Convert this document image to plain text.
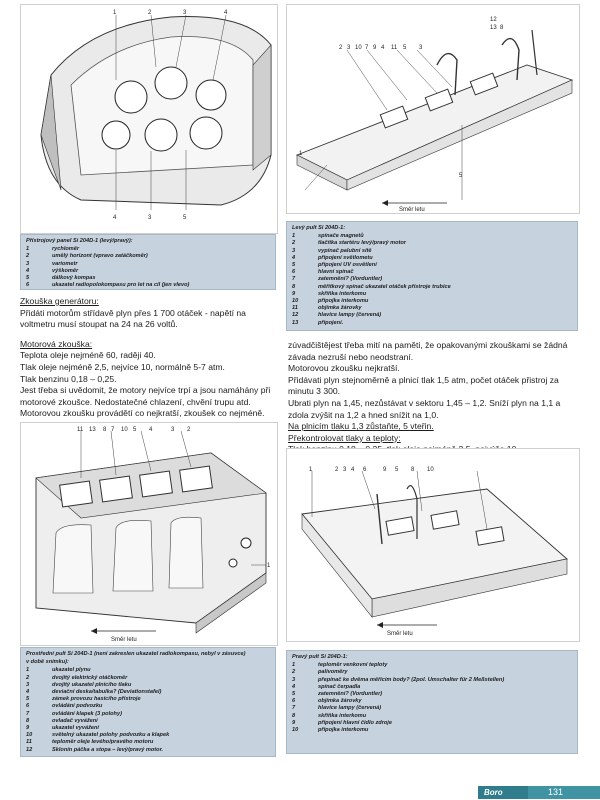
1	2	3	4
4	3	5
Přístrojový panel Si 204D-1 (levý/pravý):
1	rychloměr
2	umělý horizont (vpravo zatáčkoměr)
3	variometr
4	výškoměr
5	dálkový kompas
6	ukazatel radiopolokompasu pro let na cíl (jen vlevo)
2 3 10 7 9 4 11 5 3
12
13 8
1
5
Směr letu
Levý pult Si 204D-1:
1	spínače magnetů
2	tlačítka startéru levý/pravý motor
3	vypínač palubní sítě
4	připojení světlometu
5	připojení UV osvětlení
6	hlavní spínač
7	zatemnění? (Vorduntler)
8	měřítkový spínač ukazatel otáček přístroje trubice
9	skříňka interkomu
10	připojka interkomu
11	objímka žárovky
12	hlavice lampy (červená)
13	připojení.

Zkouška generátoru:

Přidáti motorům střídavě plyn přes 1 700 otáček - napětí na voltmetru musí stoupat na 24 na 26 voltů.

Motorová zkouška:

Teplota oleje nejméně 60, raději 40.

Tlak oleje nejméně 2,5, nejvíce 10, normálně 5-7 atm.

Tlak benzinu 0,18 – 0,25.

Jest třeba si uvědomit, že motory nejvíce trpí a jsou namáhány při motorové zkoušce. Nedostatečné chlazení, chvění trupu atd. Motorovou zkoušku provádětí co nejkratší, zkoušek co nejméně.

zúvadčištějest třeba mití na paměti, že opakovanými zkouškami se žádná závada nezruší nebo neodstraní.

Motorovou zkoušku nejkratší.

Přidávati plyn stejnoměrně a plnicí tlak 1,5 atm, počet otáček přistroj za minutu 3 300.

Ubrati plyn na 1,45, nezůstávat v sektoru 1,45 – 1,2. Sníží plyn na 1,1 a zdola zvýšit na 1,2 a hned snížit na 1,0.

Na plnicím tlaku 1,3 zůstaňte, 5 vteřin.

Překontrolovat tlaky a teploty:

11 13 8 7 10 5 4	3 2
1
Směr letu
Prostřední pult Si 204D-1 (není zakreslen ukazatel radiokompasu, nebyl v zásuvce)
v době snímku):
1	ukazatel plynu
2	dvojitý elektrický otáčkoměr
3	dvojitý ukazatel plnicího tlaku
4	deviační deska/tabulka? (Deviationstafel)
5	zámek provozu hasicího přístroje
6	ovládání podvozku
7	ovládání klapek (3 polohy)
8	ovladač vyvážení
9	ukazatel vyvážení
10	světelný ukazatel polohy podvozku a klapek
11	teploměr oleje levého/pravého motoru
12	Sklonín páčka a stopa – levý/pravý motor.
1	2 3 4 6	9 5 8 10
Směr letu
Pravý pult Si 204D-1:
1	teploměr venkovní teploty
2	palivoměry
3	přepínač ke dvěma měřícím body? (2pol. Umschalter für 2 Meßstellen)
4	spínač čerpadla
5	zatemnění? (Vorduntler)
6	objímka žárovky
7	hlavice lampy (červená)
8	skříňka interkomu
9	připojení hlavní čidlo zdroje
10	připojka interkomu
Boro	131
